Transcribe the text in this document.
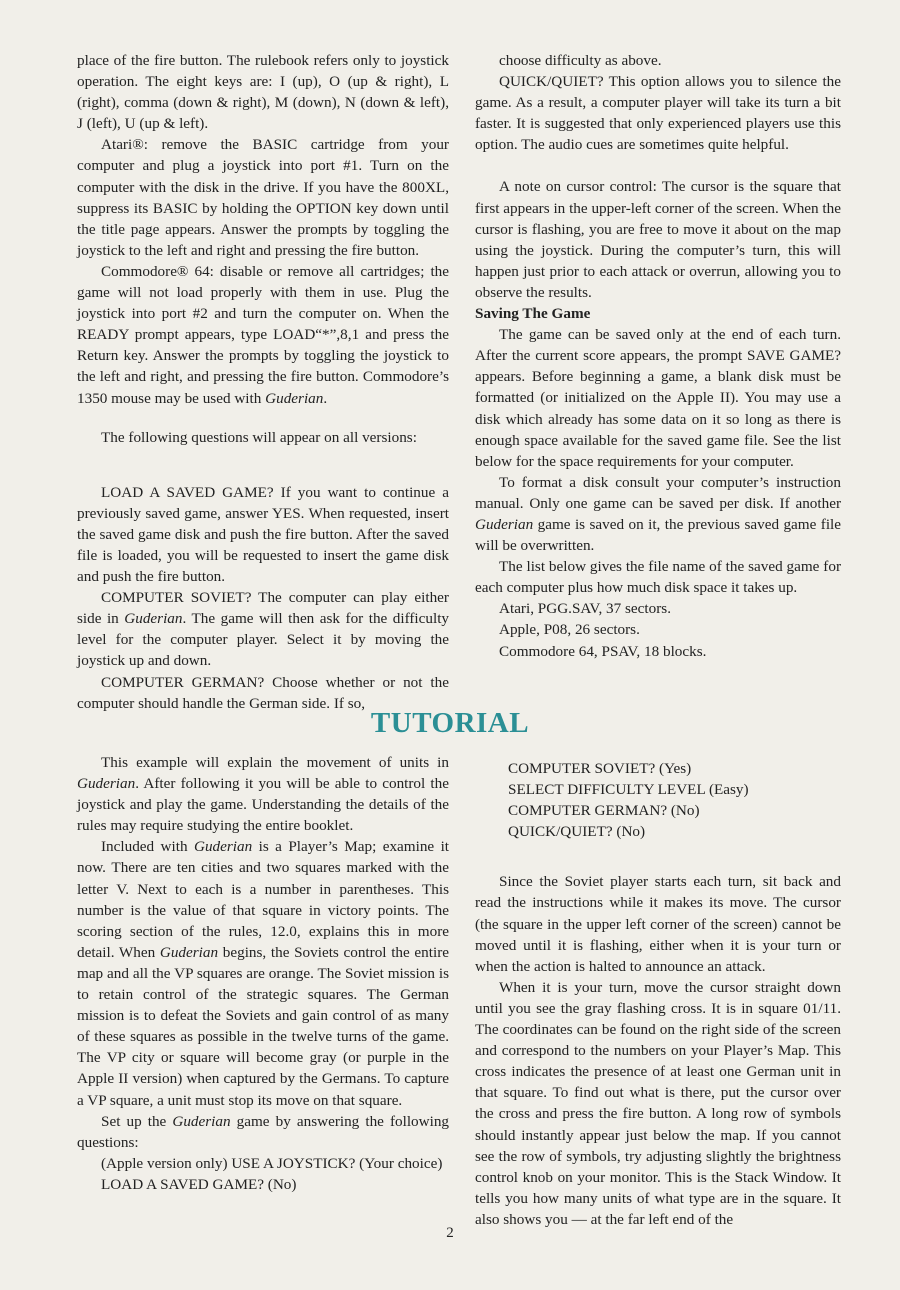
place of the fire button. The rulebook refers only to joystick operation. The eight keys are: I (up), O (up & right), L (right), comma (down & right), M (down), N (down & left), J (left), U (up & left).

Atari®: remove the BASIC cartridge from your computer and plug a joystick into port #1. Turn on the computer with the disk in the drive. If you have the 800XL, suppress its BASIC by holding the OPTION key down until the title page appears. Answer the prompts by toggling the joystick to the left and right and pressing the fire button.

Commodore® 64: disable or remove all cartridges; the game will not load properly with them in use. Plug the joystick into port #2 and turn the computer on. When the READY prompt appears, type LOAD“*”,8,1 and press the Return key. Answer the prompts by toggling the joystick to the left and right, and pressing the fire button. Commodore’s 1350 mouse may be used with Guderian.

The following questions will appear on all versions:

LOAD A SAVED GAME? If you want to continue a previously saved game, answer YES. When requested, insert the saved game disk and push the fire button. After the saved file is loaded, you will be requested to insert the game disk and push the fire button.

COMPUTER SOVIET? The computer can play either side in Guderian. The game will then ask for the difficulty level for the computer player. Select it by moving the joystick up and down.

COMPUTER GERMAN? Choose whether or not the computer should handle the German side. If so,

choose difficulty as above.

QUICK/QUIET? This option allows you to silence the game. As a result, a computer player will take its turn a bit faster. It is suggested that only experienced players use this option. The audio cues are sometimes quite helpful.

A note on cursor control: The cursor is the square that first appears in the upper-left corner of the screen. When the cursor is flashing, you are free to move it about on the map using the joystick. During the computer’s turn, this will happen just prior to each attack or overrun, allowing you to observe the results.

Saving The Game

The game can be saved only at the end of each turn. After the current score appears, the prompt SAVE GAME? appears. Before beginning a game, a blank disk must be formatted (or initialized on the Apple II). You may use a disk which already has some data on it so long as there is enough space available for the saved game file. See the list below for the space requirements for your computer.

To format a disk consult your computer’s instruction manual. Only one game can be saved per disk. If another Guderian game is saved on it, the previous saved game file will be overwritten.

The list below gives the file name of the saved game for each computer plus how much disk space it takes up.

Atari, PGG.SAV, 37 sectors.
Apple, P08, 26 sectors.
Commodore 64, PSAV, 18 blocks.
TUTORIAL

This example will explain the movement of units in Guderian. After following it you will be able to control the joystick and play the game. Understanding the details of the rules may require studying the entire booklet.

Included with Guderian is a Player’s Map; examine it now. There are ten cities and two squares marked with the letter V. Next to each is a number in parentheses. This number is the value of that square in victory points. The scoring section of the rules, 12.0, explains this in more detail. When Guderian begins, the Soviets control the entire map and all the VP squares are orange. The Soviet mission is to retain control of the strategic squares. The German mission is to defeat the Soviets and gain control of as many of these squares as possible in the twelve turns of the game. The VP city or square will become gray (or purple in the Apple II version) when captured by the Germans. To capture a VP square, a unit must stop its move on that square.

Set up the Guderian game by answering the following questions:

(Apple version only) USE A JOYSTICK? (Your choice)

LOAD A SAVED GAME? (No)

COMPUTER SOVIET? (Yes)
SELECT DIFFICULTY LEVEL (Easy)
COMPUTER GERMAN? (No)
QUICK/QUIET? (No)

Since the Soviet player starts each turn, sit back and read the instructions while it makes its move. The cursor (the square in the upper left corner of the screen) cannot be moved until it is flashing, either when it is your turn or when the action is halted to announce an attack.

When it is your turn, move the cursor straight down until you see the gray flashing cross. It is in square 01/11. The coordinates can be found on the right side of the screen and correspond to the numbers on your Player’s Map. This cross indicates the presence of at least one German unit in that square. To find out what is there, put the cursor over the cross and press the fire button. A long row of symbols should instantly appear just below the map. If you cannot see the row of symbols, try adjusting slightly the brightness control knob on your monitor. This is the Stack Window. It tells you how many units of what type are in the square. It also shows you — at the far left end of the

2
